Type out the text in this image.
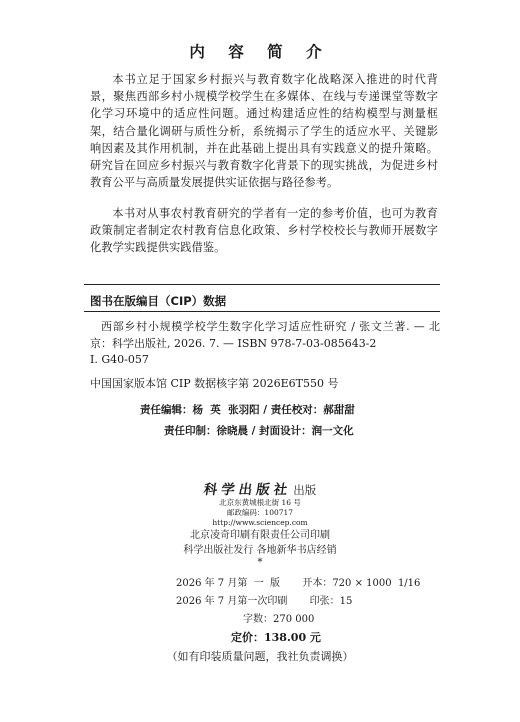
内 容 简 介

本书立足于国家乡村振兴与教育数字化战略深入推进的时代背景，聚焦西部乡村小规模学校学生在多媒体、在线与专递课堂等数字化学习环境中的适应性问题。通过构建适应性的结构模型与测量框架，结合量化调研与质性分析，系统揭示了学生的适应水平、关键影响因素及其作用机制，并在此基础上提出具有实践意义的提升策略。研究旨在回应乡村振兴与教育数字化背景下的现实挑战，为促进乡村教育公平与高质量发展提供实证依据与路径参考。

本书对从事农村教育研究的学者有一定的参考价值，也可为教育政策制定者制定农村教育信息化政策、乡村学校校长与教师开展数字化教学实践提供实践借鉴。

图书在版编目（CIP）数据

西部乡村小规模学校学生数字化学习适应性研究 / 张文兰著. — 北京：科学出版社, 2026. 7. — ISBN 978-7-03-085643-2

Ⅰ. G40-057
中国国家版本馆 CIP 数据核字第 2026E6T550 号
责任编辑：杨  英  张羽阳 / 责任校对：郝甜甜
责任印制：徐晓晨 / 封面设计：润一文化
科学出版社出版
北京东黄城根北街 16 号
邮政编码：100717
http://www.sciencep.com
北京凌奇印刷有限责任公司印刷
科学出版社发行 各地新华书店经销
*
2026 年 7 月第  一  版       开本：720 × 1000  1/16
2026 年 7 月第一次印刷       印张：15
字数：270 000
定价：138.00 元
（如有印装质量问题，我社负责调换）
